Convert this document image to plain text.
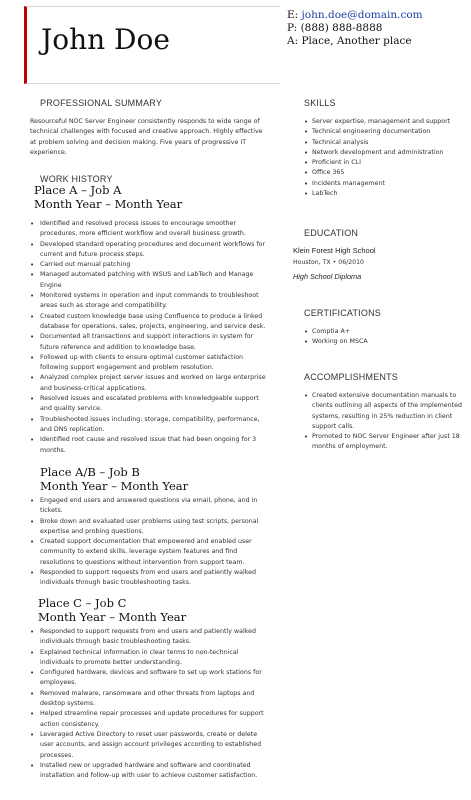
John Doe
E: john.doe@domain.com
P: (888) 888-8888
A: Place, Another place
PROFESSIONAL SUMMARY
Resourceful NOC Server Engineer consistently responds to wide range of technical challenges with focused and creative approach. Highly effective at problem solving and decision making. Five years of progressive IT experience.
WORK HISTORY
Place A – Job A
Month Year – Month Year
• Identified and resolved process issues to encourage smoother procedures, more efficient workflow and overall business growth.
• Developed standard operating procedures and document workflows for current and future process steps.
• Carried out manual patching
• Managed automated patching with WSUS and LabTech and Manage Engine
• Monitored systems in operation and input commands to troubleshoot areas such as storage and compatibility.
• Created custom knowledge base using Confluence to produce a linked database for operations, sales, projects, engineering, and service desk.
• Documented all transactions and support interactions in system for future reference and addition to knowledge base.
• Followed up with clients to ensure optimal customer satisfaction following support engagement and problem resolution.
• Analyzed complex project server issues and worked on large enterprise and business-critical applications.
• Resolved issues and escalated problems with knowledgeable support and quality service.
• Troubleshooted issues including: storage, compatibility, performance, and DNS replication.
• Identified root cause and resolved issue that had been ongoing for 3 months.
Place A/B – Job B
Month Year – Month Year
• Engaged end users and answered questions via email, phone, and in tickets.
• Broke down and evaluated user problems using test scripts, personal expertise and probing questions.
• Created support documentation that empowered and enabled user community to extend skills, leverage system features and find resolutions to questions without intervention from support team.
• Responded to support requests from end users and patiently walked individuals through basic troubleshooting tasks.
Place C – Job C
Month Year – Month Year
• Responded to support requests from end users and patiently walked individuals through basic troubleshooting tasks.
• Explained technical information in clear terms to non-technical individuals to promote better understanding.
• Configured hardware, devices and software to set up work stations for employees.
• Removed malware, ransomware and other threats from laptops and desktop systems.
• Helped streamline repair processes and update procedures for support action consistency.
• Leveraged Active Directory to reset user passwords, create or delete user accounts, and assign account privileges according to established processes.
• Installed new or upgraded hardware and software and coordinated installation and follow-up with user to achieve customer satisfaction.
SKILLS
• Server expertise, management and support
• Technical engineering documentation
• Technical analysis
• Network development and administration
• Proficient in CLI
• Office 365
• Incidents management
• LabTech
EDUCATION
Klein Forest High School
Houston, TX • 06/2010
High School Diploma
CERTIFICATIONS
• Comptia A+
• Working on MSCA
ACCOMPLISHMENTS
• Created extensive documentation manuals to clients outlining all aspects of the implemented systems, resulting in 25% reduction in client support calls.
• Promoted to NOC Server Engineer after just 18 months of employment.
